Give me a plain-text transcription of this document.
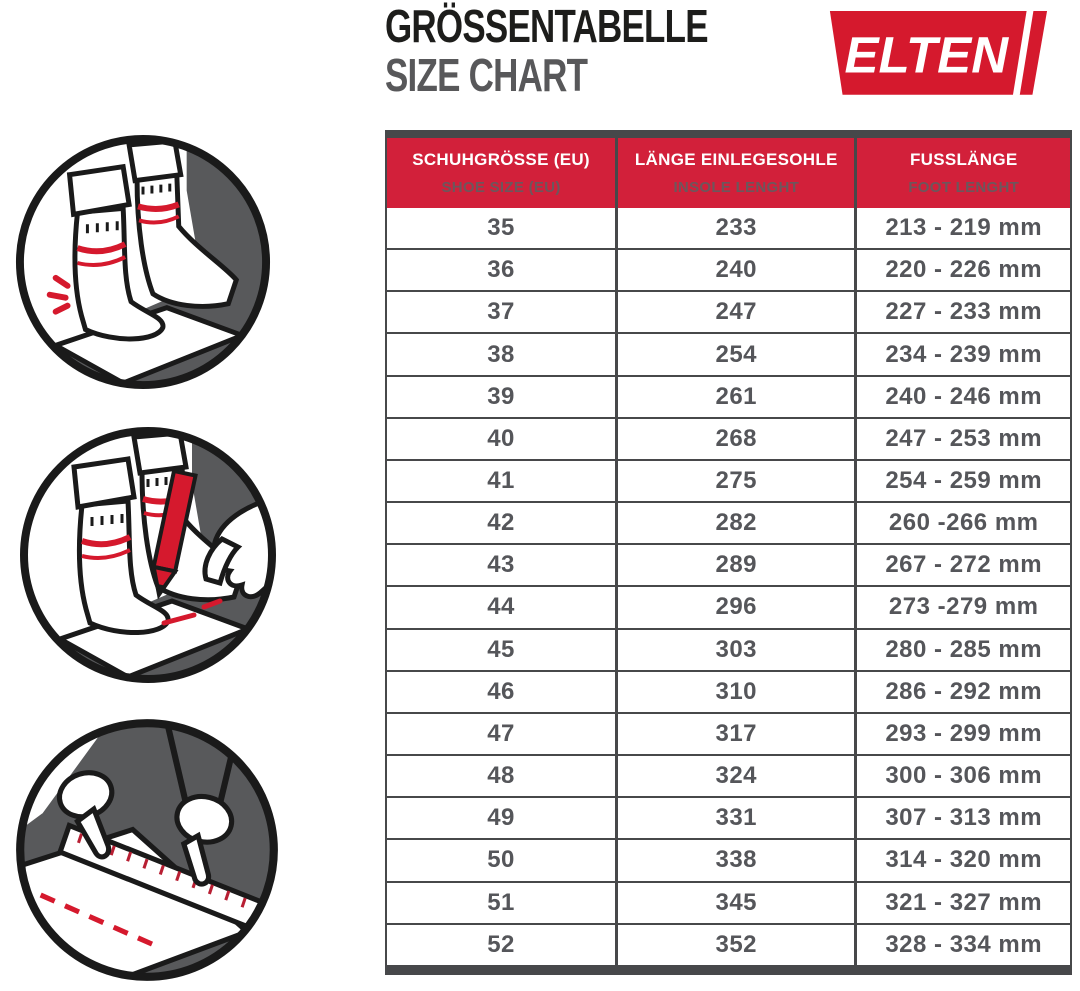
GRÖSSENTABELLE
SIZE CHART	ELTEN
SCHUHGRÖSSE (EU)
SHOE SIZE (EU)
LÄNGE EINLEGESOHLE
INSOLE LENGHT
FUSSLÄNGE
FOOT LENGHT
35	233	213 - 219 mm
36	240	220 - 226 mm
37	247	227 - 233 mm
38	254	234 - 239 mm
39	261	240 - 246 mm
40	268	247 - 253 mm
41	275	254 - 259 mm
42	282	260 -266 mm
43	289	267 - 272 mm
44	296	273 -279 mm
45	303	280 - 285 mm
46	310	286 - 292 mm
47	317	293 - 299 mm
48	324	300 - 306 mm
49	331	307 - 313 mm
50	338	314 - 320 mm
51	345	321 - 327 mm
52	352	328 - 334 mm
